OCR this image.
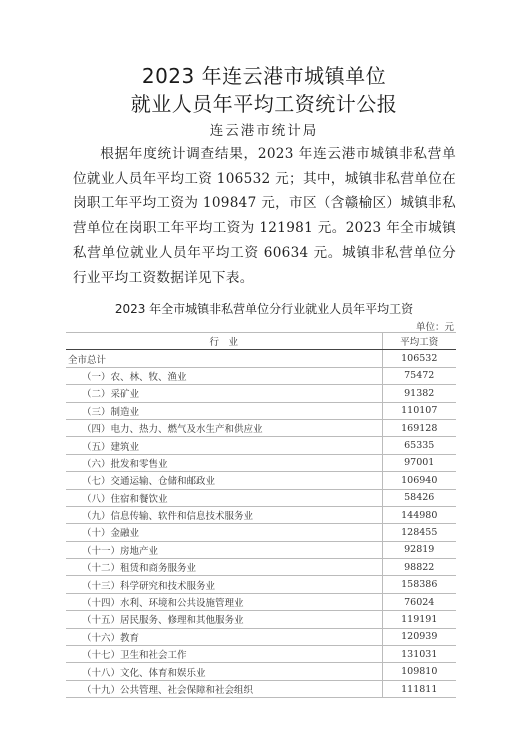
2023 年连云港市城镇单位
就业人员年平均工资统计公报
连云港市统计局
根据年度统计调查结果，2023 年连云港市城镇非私营单位就业人员年平均工资 106532 元；其中，城镇非私营单位在岗职工年平均工资为 109847 元，市区（含赣榆区）城镇非私营单位在岗职工年平均工资为 121981 元。2023 年全市城镇私营单位就业人员年平均工资 60634 元。城镇非私营单位分行业平均工资数据详见下表。
2023 年全市城镇非私营单位分行业就业人员年平均工资
单位：元
行　业	平均工资
全市总计	106532
（一）农、林、牧、渔业	75472
（二）采矿业	91382
（三）制造业	110107
（四）电力、热力、燃气及水生产和供应业	169128
（五）建筑业	65335
（六）批发和零售业	97001
（七）交通运输、仓储和邮政业	106940
（八）住宿和餐饮业	58426
（九）信息传输、软件和信息技术服务业	144980
（十）金融业	128455
（十一）房地产业	92819
（十二）租赁和商务服务业	98822
（十三）科学研究和技术服务业	158386
（十四）水利、环境和公共设施管理业	76024
（十五）居民服务、修理和其他服务业	119191
（十六）教育	120939
（十七）卫生和社会工作	131031
（十八）文化、体育和娱乐业	109810
（十九）公共管理、社会保障和社会组织	111811
